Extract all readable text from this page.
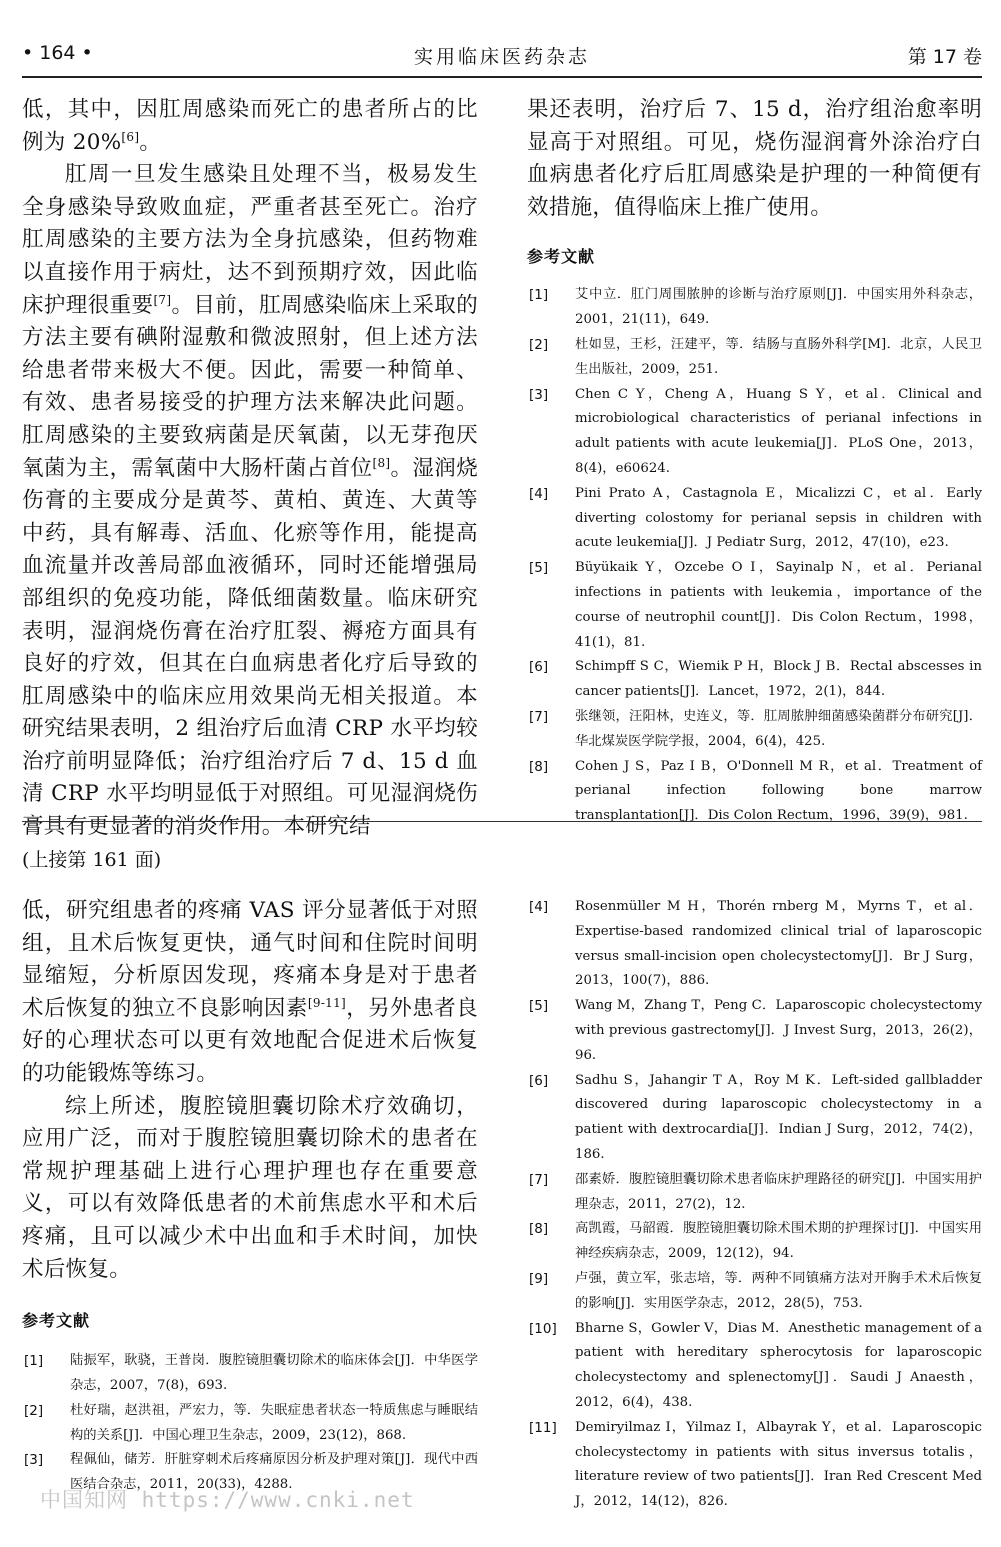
• 164 •	实用临床医药杂志	第 17 卷

低，其中，因肛周感染而死亡的患者所占的比例为 20%[6]。

肛周一旦发生感染且处理不当，极易发生全身感染导致败血症，严重者甚至死亡。治疗肛周感染的主要方法为全身抗感染，但药物难以直接作用于病灶，达不到预期疗效，因此临床护理很重要[7]。目前，肛周感染临床上采取的方法主要有碘附湿敷和微波照射，但上述方法给患者带来极大不便。因此，需要一种简单、有效、患者易接受的护理方法来解决此问题。肛周感染的主要致病菌是厌氧菌，以无芽孢厌氧菌为主，需氧菌中大肠杆菌占首位[8]。湿润烧伤膏的主要成分是黄芩、黄柏、黄连、大黄等中药，具有解毒、活血、化瘀等作用，能提高血流量并改善局部血液循环，同时还能增强局部组织的免疫功能，降低细菌数量。临床研究表明，湿润烧伤膏在治疗肛裂、褥疮方面具有良好的疗效，但其在白血病患者化疗后导致的肛周感染中的临床应用效果尚无相关报道。本研究结果表明，2 组治疗后血清 CRP 水平均较治疗前明显降低；治疗组治疗后 7 d、15 d 血清 CRP 水平均明显低于对照组。可见湿润烧伤膏具有更显著的消炎作用。本研究结

果还表明，治疗后 7、15 d，治疗组治愈率明显高于对照组。可见，烧伤湿润膏外涂治疗白血病患者化疗后肛周感染是护理的一种简便有效措施，值得临床上推广使用。
参考文献
[1] 艾中立．肛门周围脓肿的诊断与治疗原则[J]．中国实用外科杂志，2001，21(11)，649.
[2] 杜如昱，王杉，汪建平，等．结肠与直肠外科学[M]．北京，人民卫生出版社，2009，251.
[3] Chen C Y，Cheng A，Huang S Y，et al．Clinical and microbiological characteristics of perianal infections in adult patients with acute leukemia[J]．PLoS One，2013，8(4)，e60624.
[4] Pini Prato A，Castagnola E，Micalizzi C，et al．Early diverting colostomy for perianal sepsis in children with acute leukemia[J]．J Pediatr Surg，2012，47(10)，e23.
[5] Büyükaik Y，Ozcebe O I，Sayinalp N，et al．Perianal infections in patients with leukemia，importance of the course of neutrophil count[J]．Dis Colon Rectum，1998，41(1)，81.
[6] Schimpff S C，Wiemik P H，Block J B．Rectal abscesses in cancer patients[J]．Lancet，1972，2(1)，844.
[7] 张继领，汪阳林，史连义，等．肛周脓肿细菌感染菌群分布研究[J]．华北煤炭医学院学报，2004，6(4)，425.
[8] Cohen J S，Paz I B，O'Donnell M R，et al．Treatment of perianal infection following bone marrow transplantation[J]．Dis Colon Rectum，1996，39(9)，981.
(上接第 161 面)

低，研究组患者的疼痛 VAS 评分显著低于对照组，且术后恢复更快，通气时间和住院时间明显缩短，分析原因发现，疼痛本身是对于患者术后恢复的独立不良影响因素[9-11]，另外患者良好的心理状态可以更有效地配合促进术后恢复的功能锻炼等练习。

综上所述，腹腔镜胆囊切除术疗效确切，应用广泛，而对于腹腔镜胆囊切除术的患者在常规护理基础上进行心理护理也存在重要意义，可以有效降低患者的术前焦虑水平和术后疼痛，且可以减少术中出血和手术时间，加快术后恢复。

参考文献
[1] 陆振军，耿骁，王普岗．腹腔镜胆囊切除术的临床体会[J]．中华医学杂志，2007，7(8)，693.
[2] 杜好瑞，赵洪祖，严宏力，等．失眠症患者状态一特质焦虑与睡眠结构的关系[J]．中国心理卫生杂志，2009，23(12)，868.
[3] 程佩仙，储芳．肝脏穿刺术后疼痛原因分析及护理对策[J]．现代中西医结合杂志，2011，20(33)，4288.
[4] Rosenmüller M H，Thorén rnberg M，Myrns T，et al．Expertise-based randomized clinical trial of laparoscopic versus small-incision open cholecystectomy[J]．Br J Surg，2013，100(7)，886.
[5] Wang M，Zhang T，Peng C．Laparoscopic cholecystectomy with previous gastrectomy[J]．J Invest Surg，2013，26(2)，96.
[6] Sadhu S，Jahangir T A，Roy M K．Left-sided gallbladder discovered during laparoscopic cholecystectomy in a patient with dextrocardia[J]．Indian J Surg，2012，74(2)，186.
[7] 邵素娇．腹腔镜胆囊切除术患者临床护理路径的研究[J]．中国实用护理杂志，2011，27(2)，12.
[8] 高凯霞，马韶霞．腹腔镜胆囊切除术围术期的护理探讨[J]．中国实用神经疾病杂志，2009，12(12)，94.
[9] 卢强，黄立军，张志培，等．两种不同镇痛方法对开胸手术术后恢复的影响[J]．实用医学杂志，2012，28(5)，753.
[10] Bharne S，Gowler V，Dias M．Anesthetic management of a patient with hereditary spherocytosis for laparoscopic cholecystectomy and splenectomy[J]．Saudi J Anaesth，2012，6(4)，438.
[11] Demiryilmaz I，Yilmaz I，Albayrak Y，et al．Laparoscopic cholecystectomy in patients with situs inversus totalis，literature review of two patients[J]．Iran Red Crescent Med J，2012，14(12)，826.
中国知网 https://www.cnki.net
